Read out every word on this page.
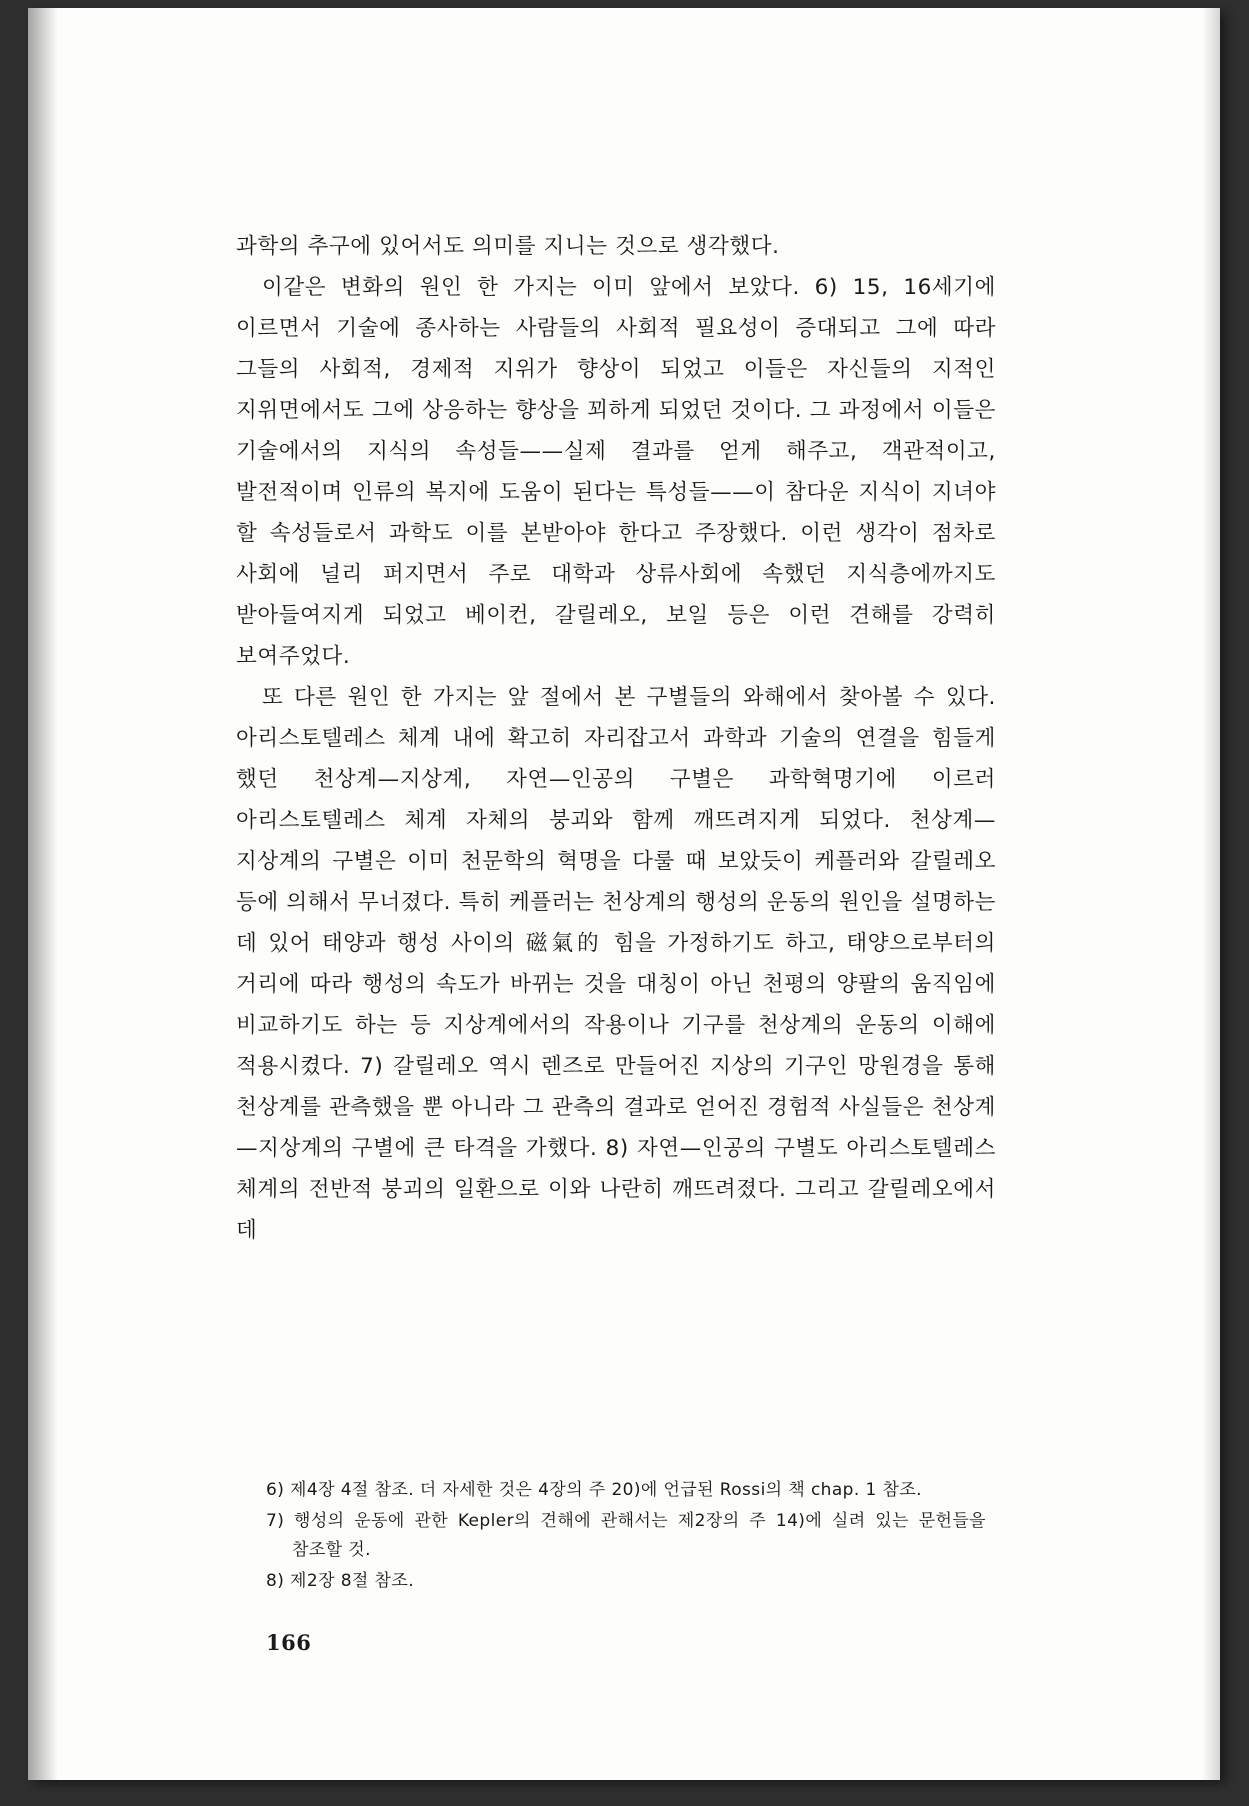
과학의 추구에 있어서도 의미를 지니는 것으로 생각했다.

이같은 변화의 원인 한 가지는 이미 앞에서 보았다. 6) 15, 16세기에 이르면서 기술에 종사하는 사람들의 사회적 필요성이 증대되고 그에 따라 그들의 사회적, 경제적 지위가 향상이 되었고 이들은 자신들의 지적인 지위면에서도 그에 상응하는 향상을 꾀하게 되었던 것이다. 그 과정에서 이들은 기술에서의 지식의 속성들——실제 결과를 얻게 해주고, 객관적이고, 발전적이며 인류의 복지에 도움이 된다는 특성들——이 참다운 지식이 지녀야 할 속성들로서 과학도 이를 본받아야 한다고 주장했다. 이런 생각이 점차로 사회에 널리 퍼지면서 주로 대학과 상류사회에 속했던 지식층에까지도 받아들여지게 되었고 베이컨, 갈릴레오, 보일 등은 이런 견해를 강력히 보여주었다.

또 다른 원인 한 가지는 앞 절에서 본 구별들의 와해에서 찾아볼 수 있다. 아리스토텔레스 체계 내에 확고히 자리잡고서 과학과 기술의 연결을 힘들게 했던 천상계—지상계, 자연—인공의 구별은 과학혁명기에 이르러 아리스토텔레스 체계 자체의 붕괴와 함께 깨뜨려지게 되었다. 천상계—지상계의 구별은 이미 천문학의 혁명을 다룰 때 보았듯이 케플러와 갈릴레오 등에 의해서 무너졌다. 특히 케플러는 천상계의 행성의 운동의 원인을 설명하는 데 있어 태양과 행성 사이의 磁氣的 힘을 가정하기도 하고, 태양으로부터의 거리에 따라 행성의 속도가 바뀌는 것을 대칭이 아닌 천평의 양팔의 움직임에 비교하기도 하는 등 지상계에서의 작용이나 기구를 천상계의 운동의 이해에 적용시켰다. 7) 갈릴레오 역시 렌즈로 만들어진 지상의 기구인 망원경을 통해 천상계를 관측했을 뿐 아니라 그 관측의 결과로 얻어진 경험적 사실들은 천상계—지상계의 구별에 큰 타격을 가했다. 8) 자연—인공의 구별도 아리스토텔레스 체계의 전반적 붕괴의 일환으로 이와 나란히 깨뜨려졌다. 그리고 갈릴레오에서 데

6) 제4장 4절 참조. 더 자세한 것은 4장의 주 20)에 언급된 Rossi의 책 chap. 1 참조.
7) 행성의 운동에 관한 Kepler의 견해에 관해서는 제2장의 주 14)에 실려 있는 문헌들을 참조할 것.
8) 제2장 8절 참조.
166
